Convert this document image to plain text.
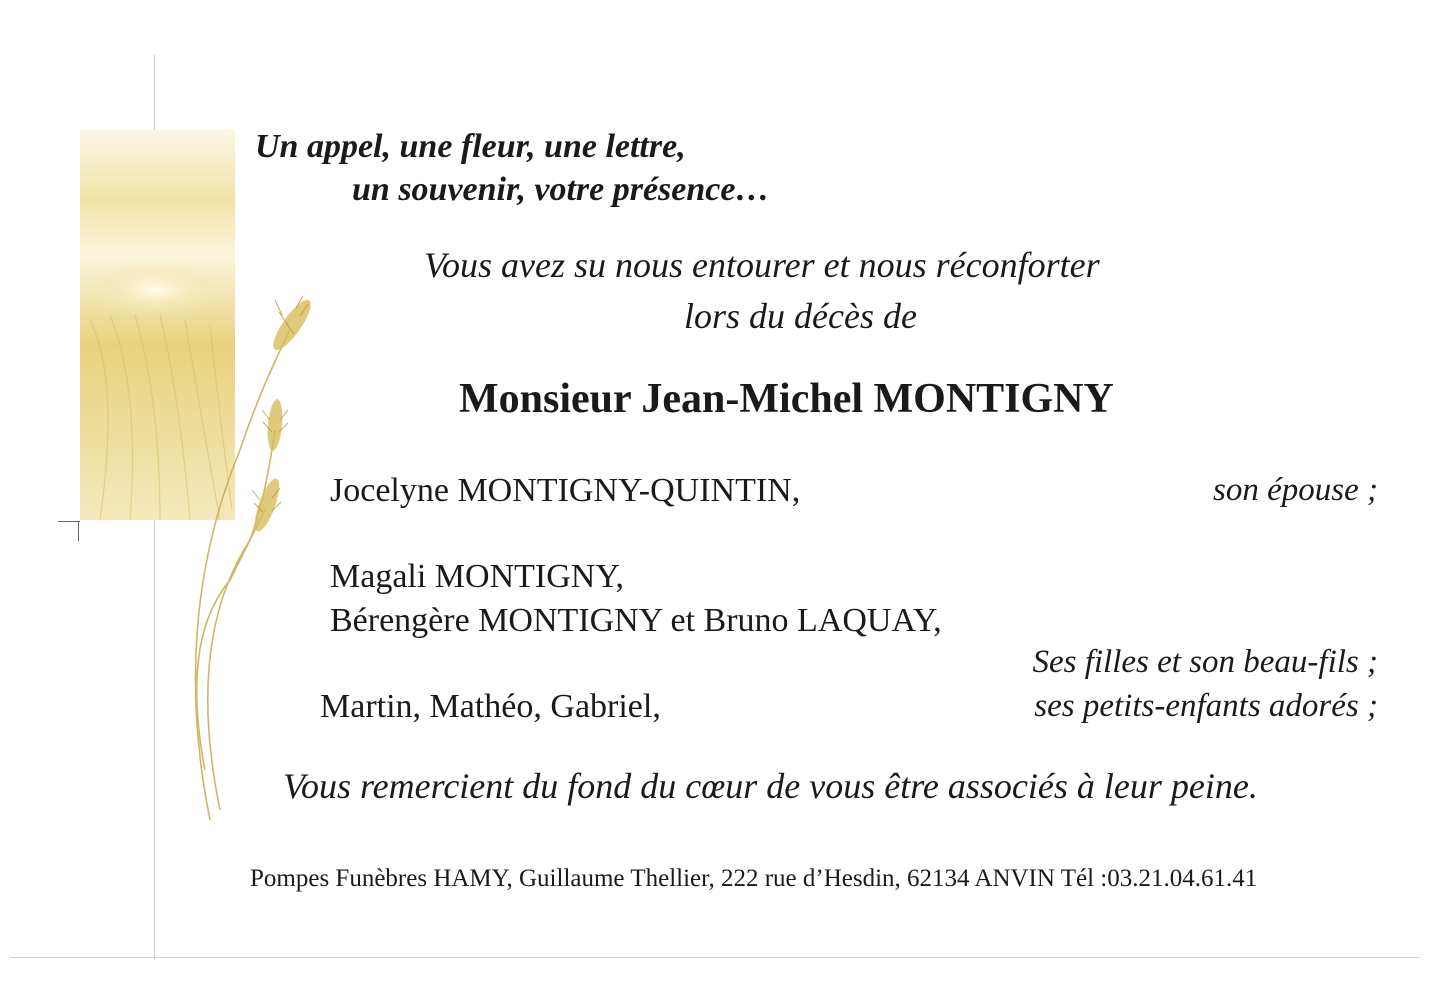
Un appel, une fleur, une lettre,
un souvenir, votre présence…
Vous avez su nous entourer et nous réconforter
lors du décès de
Monsieur Jean-Michel MONTIGNY
Jocelyne MONTIGNY-QUINTIN,	son épouse ;
Magali MONTIGNY,
Bérengère MONTIGNY et Bruno LAQUAY,
Ses filles et son beau-fils ;
Martin, Mathéo, Gabriel,	ses petits-enfants adorés ;
Vous remercient du fond du cœur de vous être associés à leur peine.
Pompes Funèbres HAMY, Guillaume Thellier, 222 rue d’Hesdin, 62134 ANVIN Tél :03.21.04.61.41
